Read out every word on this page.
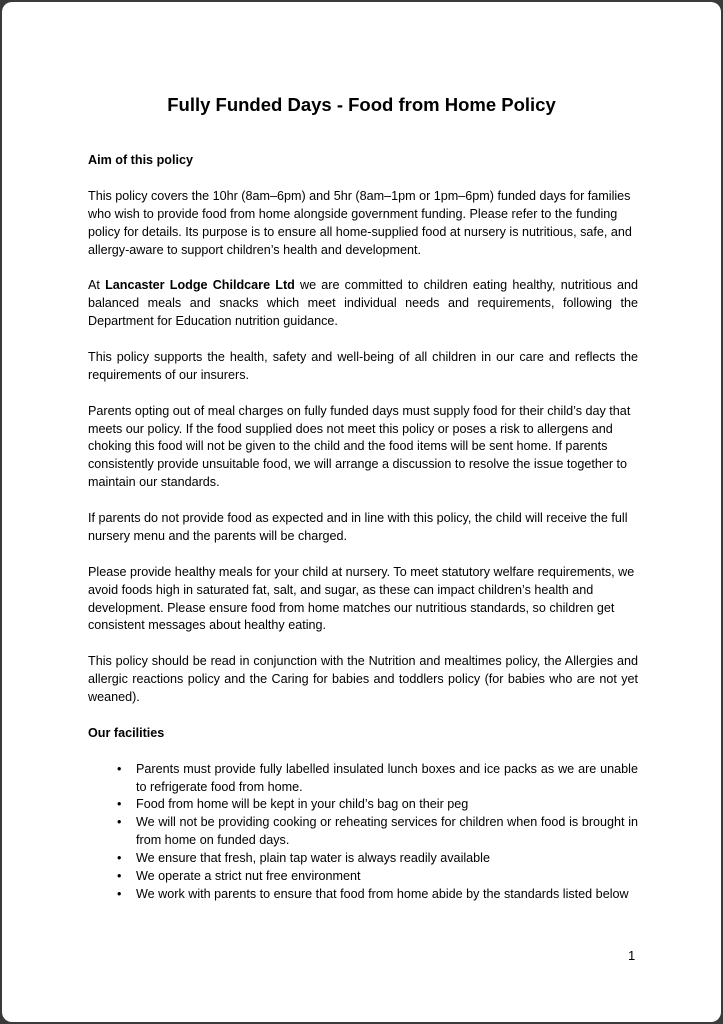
Fully Funded Days - Food from Home Policy

Aim of this policy

This policy covers the 10hr (8am–6pm) and 5hr (8am–1pm or 1pm–6pm) funded days for families who wish to provide food from home alongside government funding. Please refer to the funding policy for details. Its purpose is to ensure all home-supplied food at nursery is nutritious, safe, and allergy-aware to support children’s health and development.

At Lancaster Lodge Childcare Ltd we are committed to children eating healthy, nutritious and balanced meals and snacks which meet individual needs and requirements, following the Department for Education nutrition guidance.

This policy supports the health, safety and well-being of all children in our care and reflects the requirements of our insurers.

Parents opting out of meal charges on fully funded days must supply food for their child’s day that meets our policy. If the food supplied does not meet this policy or poses a risk to allergens and choking this food will not be given to the child and the food items will be sent home. If parents consistently provide unsuitable food, we will arrange a discussion to resolve the issue together to maintain our standards.

If parents do not provide food as expected and in line with this policy, the child will receive the full nursery menu and the parents will be charged.

Please provide healthy meals for your child at nursery. To meet statutory welfare requirements, we avoid foods high in saturated fat, salt, and sugar, as these can impact children’s health and development. Please ensure food from home matches our nutritious standards, so children get consistent messages about healthy eating.

This policy should be read in conjunction with the Nutrition and mealtimes policy, the Allergies and allergic reactions policy and the Caring for babies and toddlers policy (for babies who are not yet weaned).

Our facilities

• Parents must provide fully labelled insulated lunch boxes and ice packs as we are unable to refrigerate food from home.
• Food from home will be kept in your child’s bag on their peg
• We will not be providing cooking or reheating services for children when food is brought in from home on funded days.
• We ensure that fresh, plain tap water is always readily available
• We operate a strict nut free environment
• We work with parents to ensure that food from home abide by the standards listed below
1
